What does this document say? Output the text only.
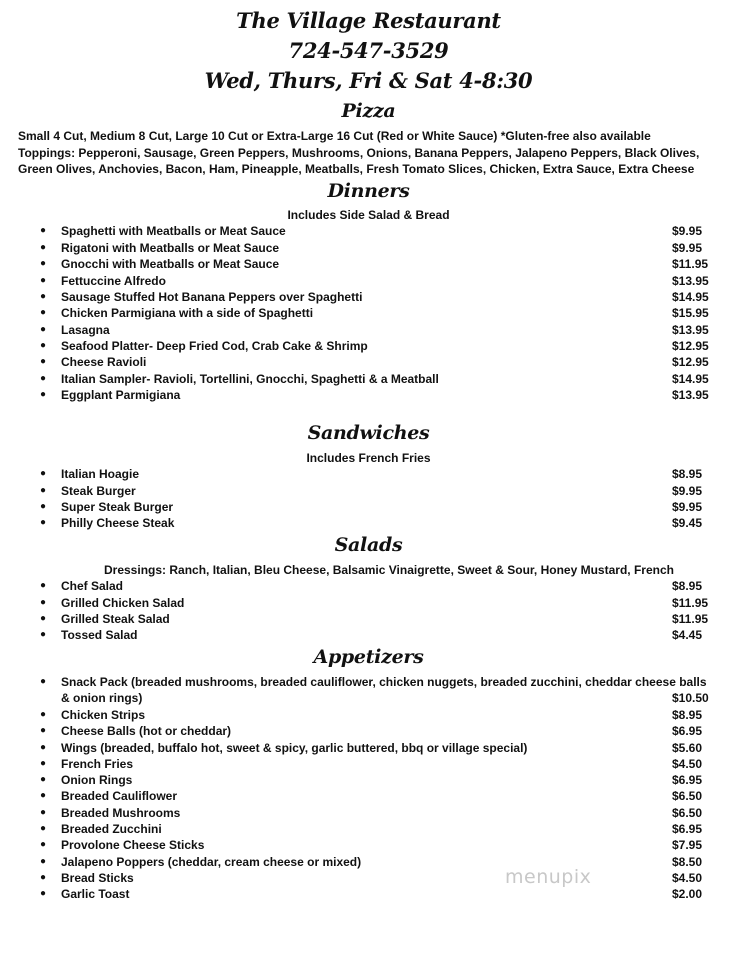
The Village Restaurant
724-547-3529
Wed, Thurs, Fri & Sat 4-8:30
Pizza
Small 4 Cut, Medium 8 Cut, Large 10 Cut or Extra-Large 16 Cut (Red or White Sauce) *Gluten-free also available
Toppings: Pepperoni, Sausage, Green Peppers, Mushrooms, Onions, Banana Peppers, Jalapeno Peppers, Black Olives,
Green Olives, Anchovies, Bacon, Ham, Pineapple, Meatballs, Fresh Tomato Slices, Chicken, Extra Sauce, Extra Cheese
Dinners
Includes Side Salad & Bread
● Spaghetti with Meatballs or Meat Sauce	$9.95
● Rigatoni with Meatballs or Meat Sauce	$9.95
● Gnocchi with Meatballs or Meat Sauce	$11.95
● Fettuccine Alfredo	$13.95
● Sausage Stuffed Hot Banana Peppers over Spaghetti	$14.95
● Chicken Parmigiana with a side of Spaghetti	$15.95
● Lasagna	$13.95
● Seafood Platter- Deep Fried Cod, Crab Cake & Shrimp	$12.95
● Cheese Ravioli	$12.95
● Italian Sampler- Ravioli, Tortellini, Gnocchi, Spaghetti & a Meatball	$14.95
● Eggplant Parmigiana	$13.95
Sandwiches
Includes French Fries
● Italian Hoagie	$8.95
● Steak Burger	$9.95
● Super Steak Burger	$9.95
● Philly Cheese Steak	$9.45
Salads
Dressings: Ranch, Italian, Bleu Cheese, Balsamic Vinaigrette, Sweet & Sour, Honey Mustard, French
● Chef Salad	$8.95
● Grilled Chicken Salad	$11.95
● Grilled Steak Salad	$11.95
● Tossed Salad	$4.45
Appetizers
● Snack Pack (breaded mushrooms, breaded cauliflower, chicken nuggets, breaded zucchini, cheddar cheese balls
& onion rings)	$10.50
● Chicken Strips	$8.95
● Cheese Balls (hot or cheddar)	$6.95
● Wings (breaded, buffalo hot, sweet & spicy, garlic buttered, bbq or village special)	$5.60
● French Fries	$4.50
● Onion Rings	$6.95
● Breaded Cauliflower	$6.50
● Breaded Mushrooms	$6.50
● Breaded Zucchini	$6.95
● Provolone Cheese Sticks	$7.95
● Jalapeno Poppers (cheddar, cream cheese or mixed)	$8.50
● Bread Sticks	$4.50
● Garlic Toast	$2.00
menupix
